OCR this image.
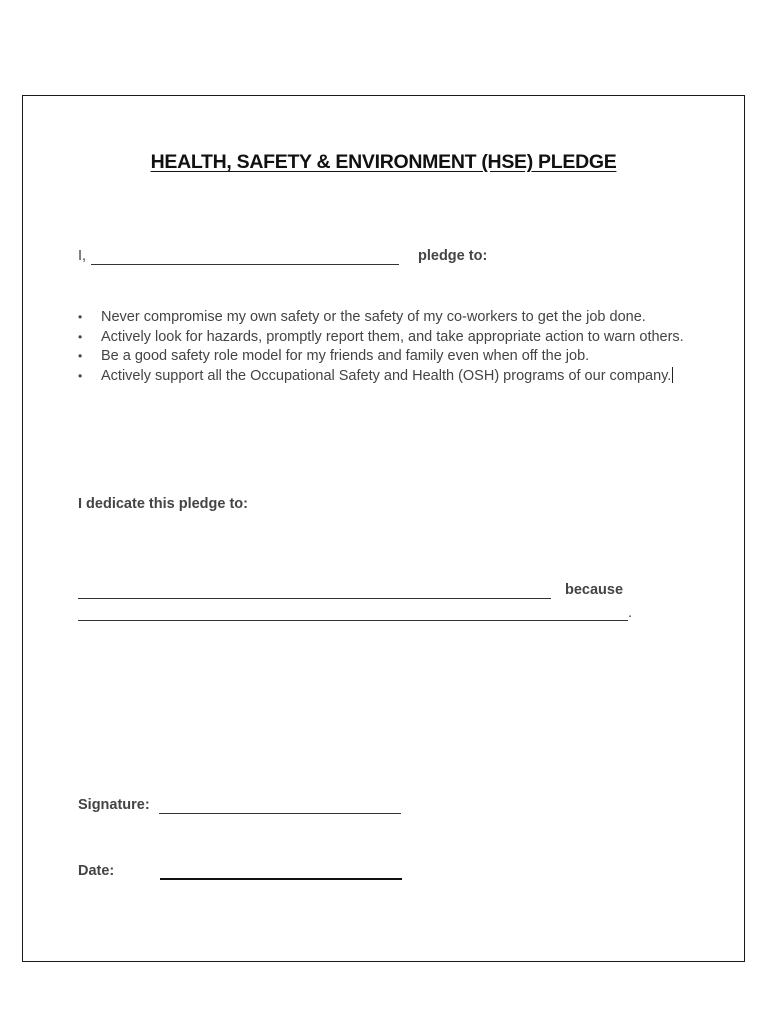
HEALTH, SAFETY & ENVIRONMENT (HSE) PLEDGE
I,	pledge to:
• Never compromise my own safety or the safety of my co-workers to get the job done.
• Actively look for hazards, promptly report them, and take appropriate action to warn others.
• Be a good safety role model for my friends and family even when off the job.
• Actively support all the Occupational Safety and Health (OSH) programs of our company.
I dedicate this pledge to:
because
.
Signature:
Date:
